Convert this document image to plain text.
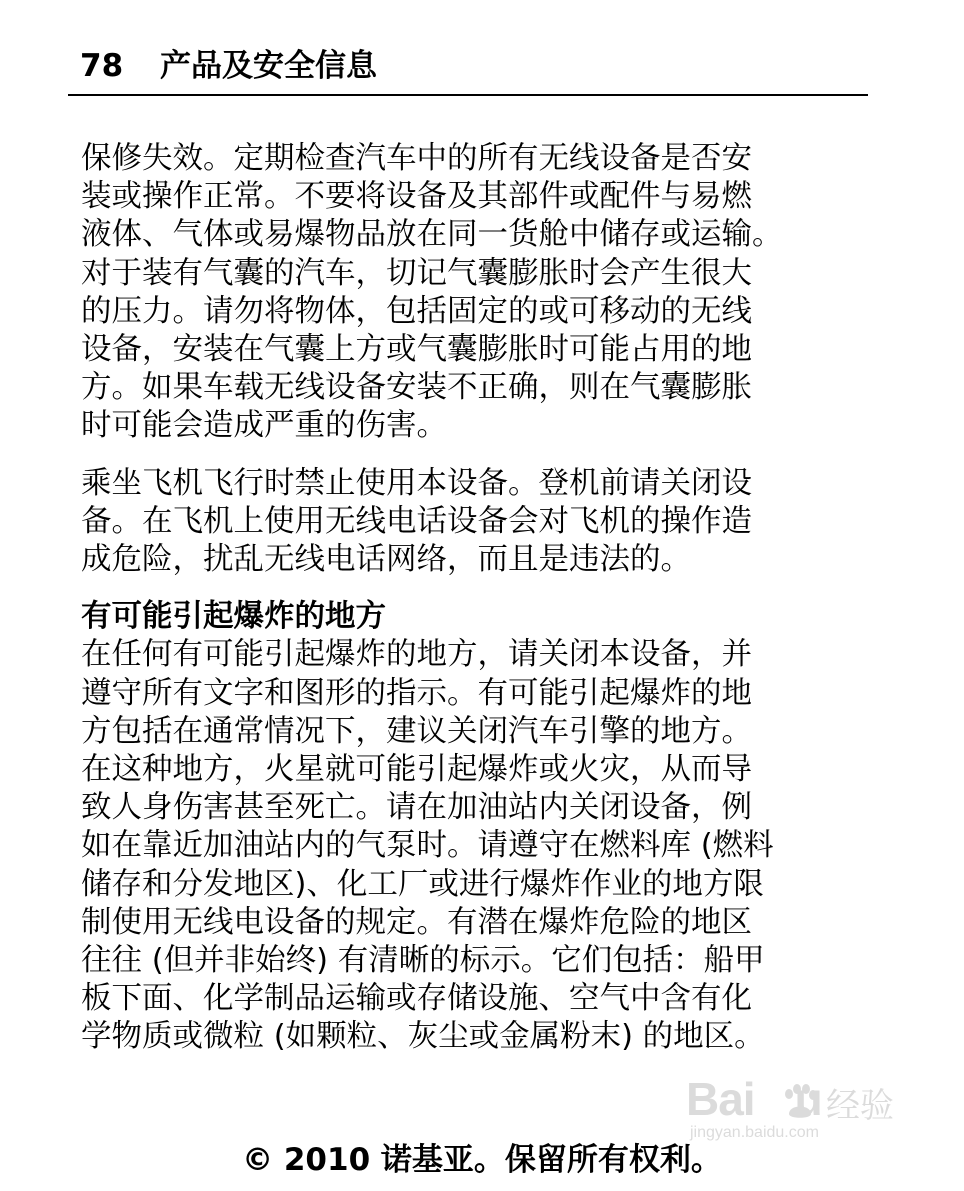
78	产品及安全信息

保修失效。定期检查汽车中的所有无线设备是否安
装或操作正常。不要将设备及其部件或配件与易燃
液体、气体或易爆物品放在同一货舱中储存或运输。
对于装有气囊的汽车，切记气囊膨胀时会产生很大
的压力。请勿将物体，包括固定的或可移动的无线
设备，安装在气囊上方或气囊膨胀时可能占用的地
方。如果车载无线设备安装不正确，则在气囊膨胀
时可能会造成严重的伤害。

乘坐飞机飞行时禁止使用本设备。登机前请关闭设
备。在飞机上使用无线电话设备会对飞机的操作造
成危险，扰乱无线电话网络，而且是违法的。

有可能引起爆炸的地方

在任何有可能引起爆炸的地方，请关闭本设备，并
遵守所有文字和图形的指示。有可能引起爆炸的地
方包括在通常情况下，建议关闭汽车引擎的地方。
在这种地方，火星就可能引起爆炸或火灾，从而导
致人身伤害甚至死亡。请在加油站内关闭设备，例
如在靠近加油站内的气泵时。请遵守在燃料库 (燃料
储存和分发地区)、化工厂或进行爆炸作业的地方限
制使用无线电设备的规定。有潜在爆炸危险的地区
往往 (但并非始终) 有清晰的标示。它们包括：船甲
板下面、化学制品运输或存储设施、空气中含有化
学物质或微粒 (如颗粒、灰尘或金属粉末) 的地区。

Bai u 经验
jingyan.baidu.com
© 2010 诺基亚。保留所有权利。
